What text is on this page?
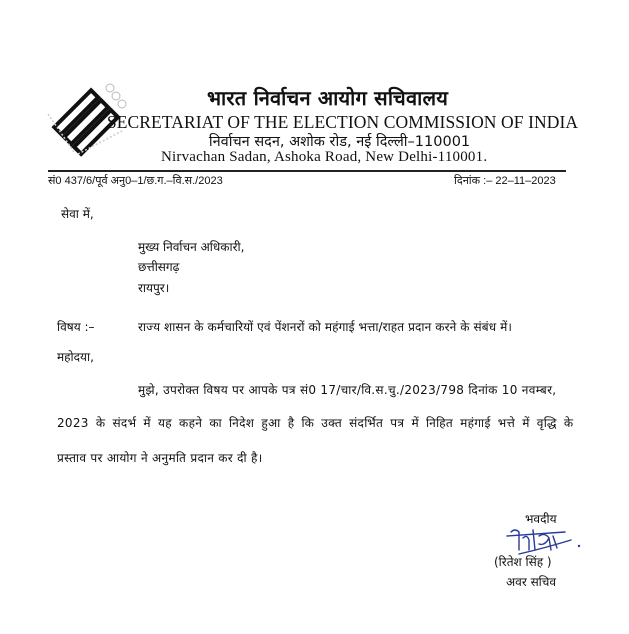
भारत निर्वाचन आयोग सचिवालय
SECRETARIAT OF THE ELECTION COMMISSION OF INDIA
निर्वाचन सदन, अशोक रोड, नई दिल्ली–110001
Nirvachan Sadan, Ashoka Road, New Delhi-110001.
सं0 437/6/पूर्व अनु0–1/छ.ग.–वि.स./2023	दिनांक :– 22–11–2023
सेवा में,
मुख्य निर्वाचन अधिकारी,
छत्तीसगढ़
रायपुर।
विषय :–	राज्य शासन के कर्मचारियों एवं पेंशनरों को महंगाई भत्ता/राहत प्रदान करने के संबंध में।
महोदया,
मुझे, उपरोक्त विषय पर आपके पत्र सं0 17/चार/वि.स.चु./2023/798 दिनांक 10 नवम्बर,
2023 के संदर्भ में यह कहने का निदेश हुआ है कि उक्त संदर्भित पत्र में निहित महंगाई भत्ते में वृद्धि के
प्रस्ताव पर आयोग ने अनुमति प्रदान कर दी है।
भवदीय
(रितेश सिंह )
अवर सचिव
